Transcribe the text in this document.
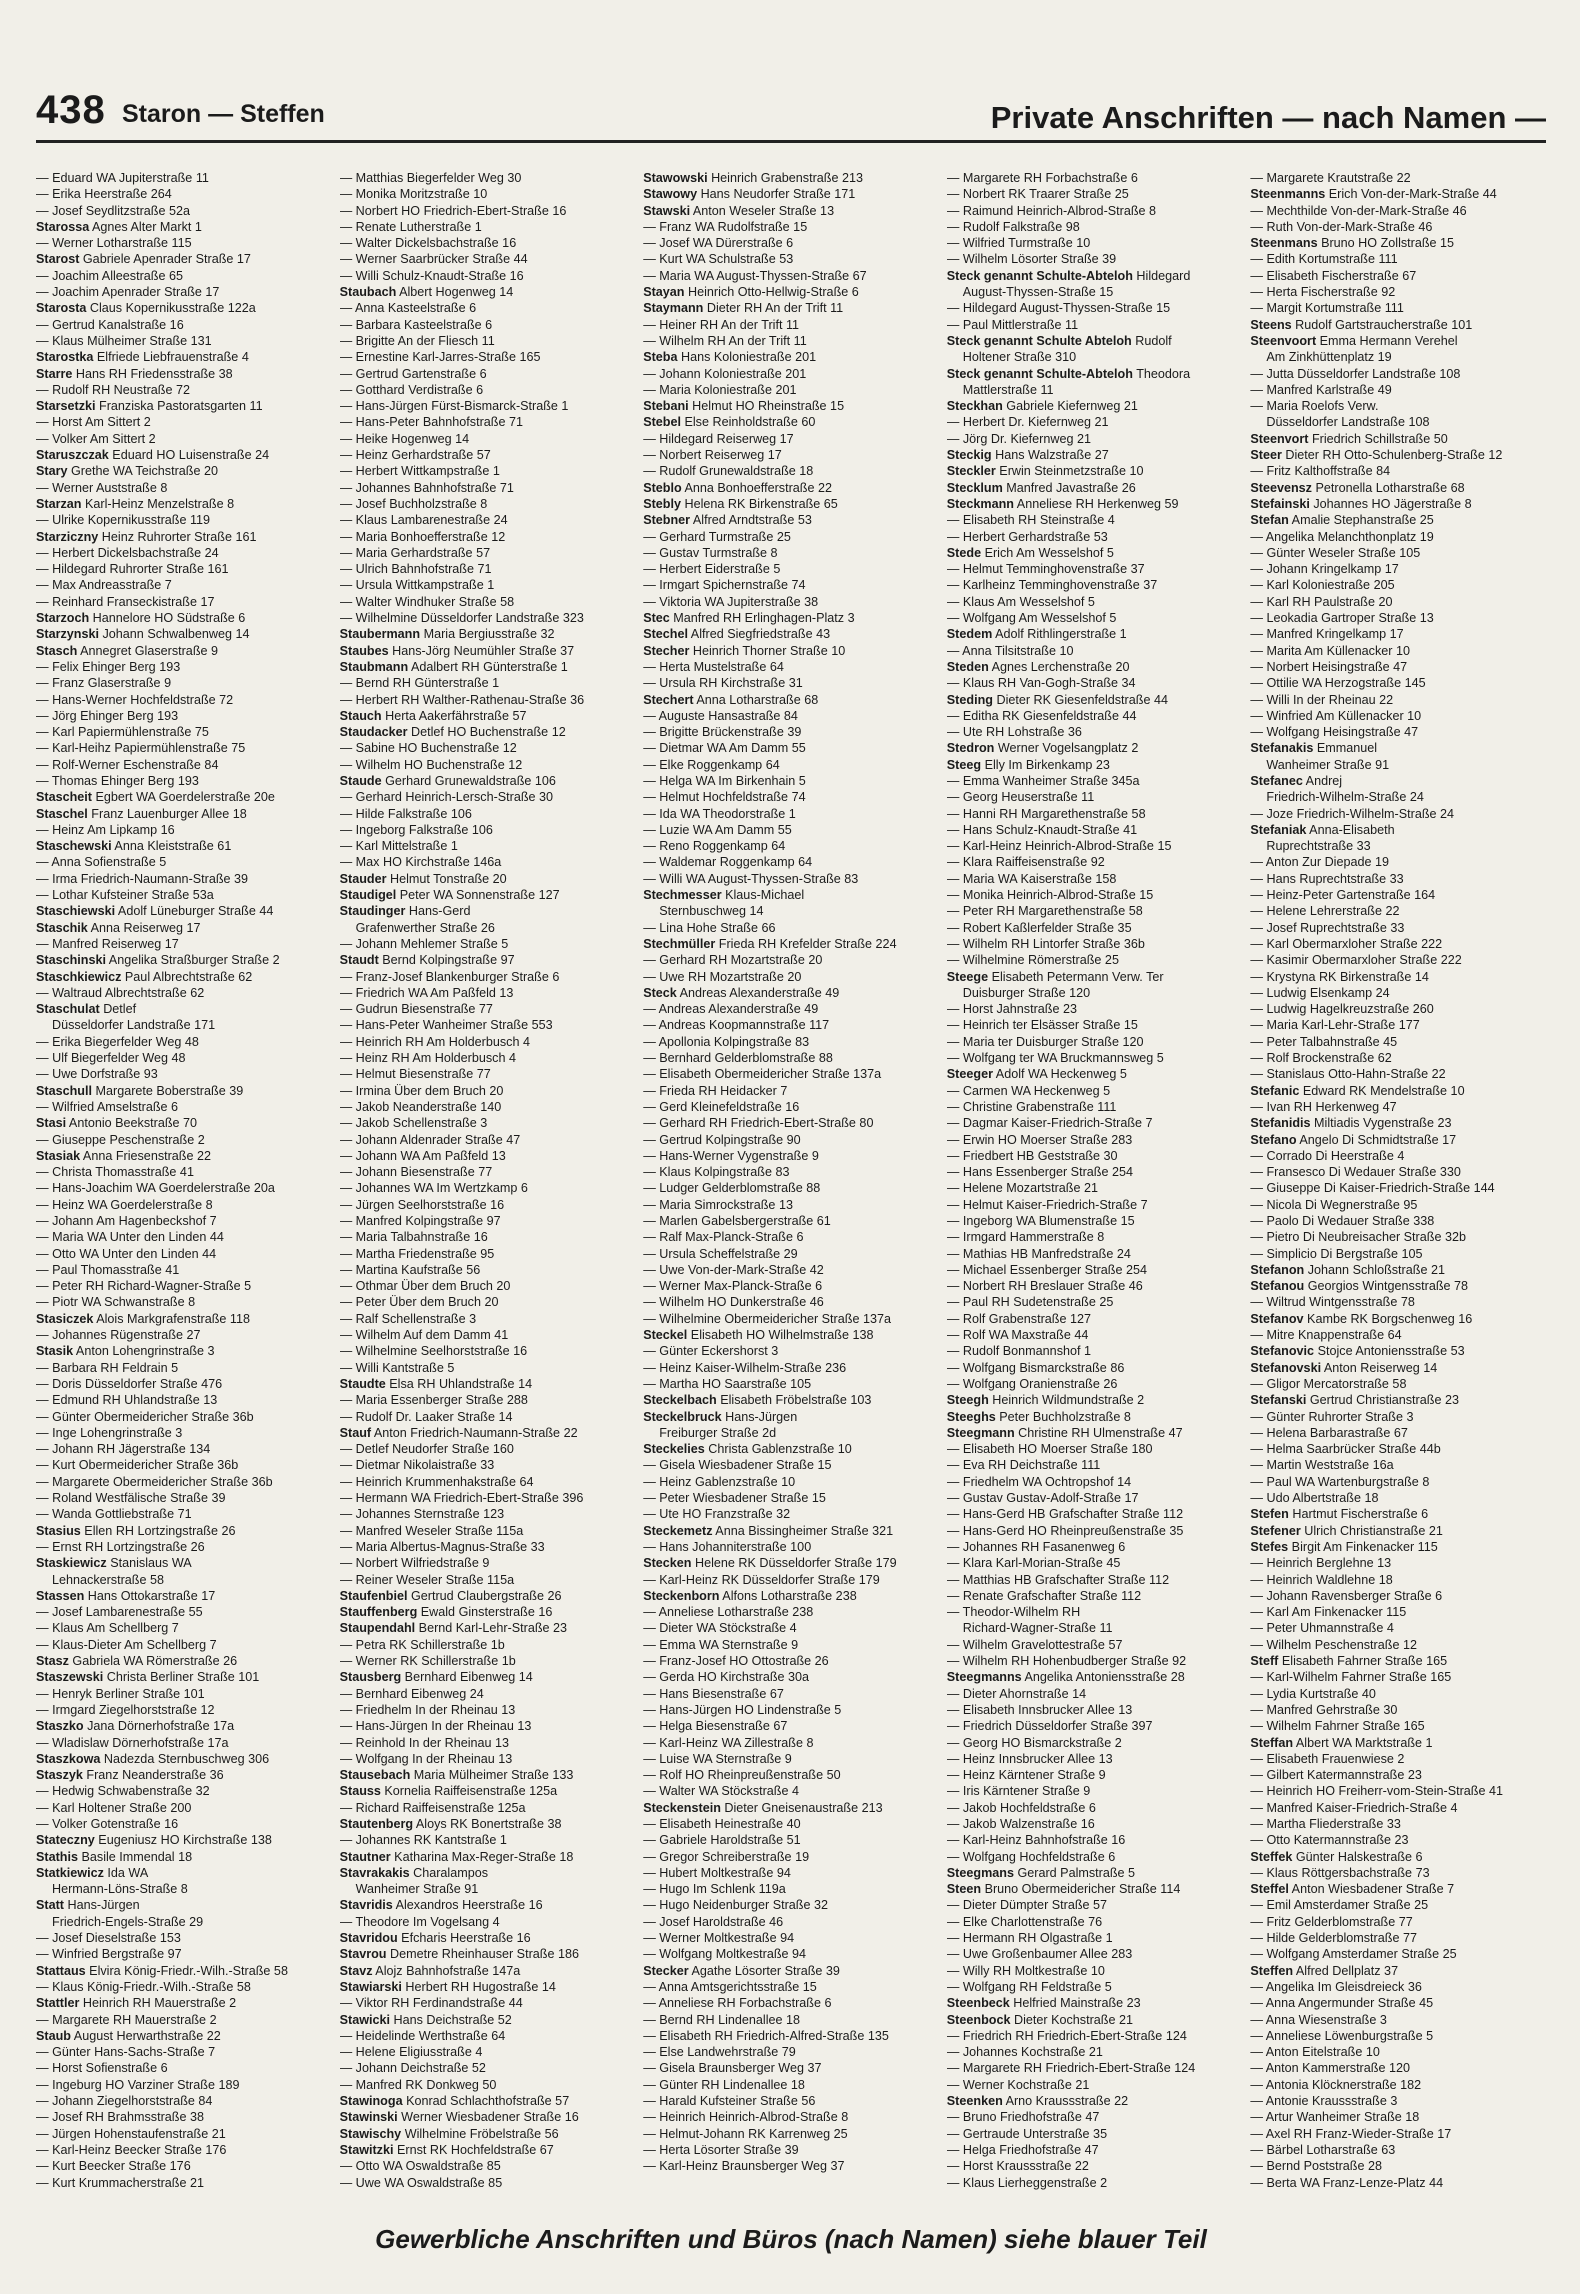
438 Staron — Steffen	Private Anschriften — nach Namen —
— Eduard WA Jupiterstraße 11
— Erika Heerstraße 264
— Josef Seydlitzstraße 52a
Starossa Agnes Alter Markt 1
— Werner Lotharstraße 115
Starost Gabriele Apenrader Straße 17
— Joachim Alleestraße 65
— Joachim Apenrader Straße 17
Starosta Claus Kopernikusstraße 122a
— Gertrud Kanalstraße 16
— Klaus Mülheimer Straße 131
Starostka Elfriede Liebfrauenstraße 4
Starre Hans RH Friedensstraße 38
— Rudolf RH Neustraße 72
Starsetzki Franziska Pastoratsgarten 11
— Horst Am Sittert 2
— Volker Am Sittert 2
Staruszczak Eduard HO Luisenstraße 24
Stary Grethe WA Teichstraße 20
— Werner Auststraße 8
Starzan Karl-Heinz Menzelstraße 8
— Ulrike Kopernikusstraße 119
Starziczny Heinz Ruhrorter Straße 161
— Herbert Dickelsbachstraße 24
— Hildegard Ruhrorter Straße 161
— Max Andreasstraße 7
— Reinhard Franseckistraße 17
Starzoch Hannelore HO Südstraße 6
Starzynski Johann Schwalbenweg 14
Stasch Annegret Glaserstraße 9
— Felix Ehinger Berg 193
— Franz Glaserstraße 9
— Hans-Werner Hochfeldstraße 72
— Jörg Ehinger Berg 193
— Karl Papiermühlenstraße 75
— Karl-Heihz Papiermühlenstraße 75
— Rolf-Werner Eschenstraße 84
— Thomas Ehinger Berg 193
Stascheit Egbert WA Goerdelerstraße 20e
Staschel Franz Lauenburger Allee 18
— Heinz Am Lipkamp 16
Staschewski Anna Kleiststraße 61
— Anna Sofienstraße 5
— Irma Friedrich-Naumann-Straße 39
— Lothar Kufsteiner Straße 53a
Staschiewski Adolf Lüneburger Straße 44
Staschik Anna Reiserweg 17
— Manfred Reiserweg 17
Staschinski Angelika Straßburger Straße 2
Staschkiewicz Paul Albrechtstraße 62
— Waltraud Albrechtstraße 62
Staschulat Detlef
Düsseldorfer Landstraße 171
— Erika Biegerfelder Weg 48
— Ulf Biegerfelder Weg 48
— Uwe Dorfstraße 93
Staschull Margarete Boberstraße 39
— Wilfried Amselstraße 6
Stasi Antonio Beekstraße 70
— Giuseppe Peschenstraße 2
Stasiak Anna Friesenstraße 22
— Christa Thomasstraße 41
— Hans-Joachim WA Goerdelerstraße 20a
— Heinz WA Goerdelerstraße 8
— Johann Am Hagenbeckshof 7
— Maria WA Unter den Linden 44
— Otto WA Unter den Linden 44
— Paul Thomasstraße 41
— Peter RH Richard-Wagner-Straße 5
— Piotr WA Schwanstraße 8
Stasiczek Alois Markgrafenstraße 118
— Johannes Rügenstraße 27
Stasik Anton Lohengrinstraße 3
— Barbara RH Feldrain 5
— Doris Düsseldorfer Straße 476
— Edmund RH Uhlandstraße 13
— Günter Obermeidericher Straße 36b
— Inge Lohengrinstraße 3
— Johann RH Jägerstraße 134
— Kurt Obermeidericher Straße 36b
— Margarete Obermeidericher Straße 36b
— Roland Westfälische Straße 39
— Wanda Gottliebstraße 71
Stasius Ellen RH Lortzingstraße 26
— Ernst RH Lortzingstraße 26
Staskiewicz Stanislaus WA
Lehnackerstraße 58
Stassen Hans Ottokarstraße 17
— Josef Lambarenestraße 55
— Klaus Am Schellberg 7
— Klaus-Dieter Am Schellberg 7
Stasz Gabriela WA Römerstraße 26
Staszewski Christa Berliner Straße 101
— Henryk Berliner Straße 101
— Irmgard Ziegelhorststraße 12
Staszko Jana Dörnerhofstraße 17a
— Wladislaw Dörnerhofstraße 17a
Staszkowa Nadezda Sternbuschweg 306
Staszyk Franz Neanderstraße 36
— Hedwig Schwabenstraße 32
— Karl Holtener Straße 200
— Volker Gotenstraße 16
Stateczny Eugeniusz HO Kirchstraße 138
Stathis Basile Immendal 18
Statkiewicz Ida WA
Hermann-Löns-Straße 8
Statt Hans-Jürgen
Friedrich-Engels-Straße 29
— Josef Dieselstraße 153
— Winfried Bergstraße 97
Stattaus Elvira König-Friedr.-Wilh.-Straße 58
— Klaus König-Friedr.-Wilh.-Straße 58
Stattler Heinrich RH Mauerstraße 2
— Margarete RH Mauerstraße 2
Staub August Herwarthstraße 22
— Günter Hans-Sachs-Straße 7
— Horst Sofienstraße 6
— Ingeburg HO Varziner Straße 189
— Johann Ziegelhorststraße 84
— Josef RH Brahmsstraße 38
— Jürgen Hohenstaufenstraße 21
— Karl-Heinz Beecker Straße 176
— Kurt Beecker Straße 176
— Kurt Krummacherstraße 21
— Matthias Biegerfelder Weg 30
— Monika Moritzstraße 10
— Norbert HO Friedrich-Ebert-Straße 16
— Renate Lutherstraße 1
— Walter Dickelsbachstraße 16
— Werner Saarbrücker Straße 44
— Willi Schulz-Knaudt-Straße 16
Staubach Albert Hogenweg 14
— Anna Kasteelstraße 6
— Barbara Kasteelstraße 6
— Brigitte An der Fliesch 11
— Ernestine Karl-Jarres-Straße 165
— Gertrud Gartenstraße 6
— Gotthard Verdistraße 6
— Hans-Jürgen Fürst-Bismarck-Straße 1
— Hans-Peter Bahnhofstraße 71
— Heike Hogenweg 14
— Heinz Gerhardstraße 57
— Herbert Wittkampstraße 1
— Johannes Bahnhofstraße 71
— Josef Buchholzstraße 8
— Klaus Lambarenestraße 24
— Maria Bonhoefferstraße 12
— Maria Gerhardstraße 57
— Ulrich Bahnhofstraße 71
— Ursula Wittkampstraße 1
— Walter Windhuker Straße 58
— Wilhelmine Düsseldorfer Landstraße 323
Staubermann Maria Bergiusstraße 32
Staubes Hans-Jörg Neumühler Straße 37
Staubmann Adalbert RH Günterstraße 1
— Bernd RH Günterstraße 1
— Herbert RH Walther-Rathenau-Straße 36
Stauch Herta Aakerfährstraße 57
Staudacker Detlef HO Buchenstraße 12
— Sabine HO Buchenstraße 12
— Wilhelm HO Buchenstraße 12
Staude Gerhard Grunewaldstraße 106
— Gerhard Heinrich-Lersch-Straße 30
— Hilde Falkstraße 106
— Ingeborg Falkstraße 106
— Karl Mittelstraße 1
— Max HO Kirchstraße 146a
Stauder Helmut Tonstraße 20
Staudigel Peter WA Sonnenstraße 127
Staudinger Hans-Gerd
Grafenwerther Straße 26
— Johann Mehlemer Straße 5
Staudt Bernd Kolpingstraße 97
— Franz-Josef Blankenburger Straße 6
— Friedrich WA Am Paßfeld 13
— Gudrun Biesenstraße 77
— Hans-Peter Wanheimer Straße 553
— Heinrich RH Am Holderbusch 4
— Heinz RH Am Holderbusch 4
— Helmut Biesenstraße 77
— Irmina Über dem Bruch 20
— Jakob Neanderstraße 140
— Jakob Schellenstraße 3
— Johann Aldenrader Straße 47
— Johann WA Am Paßfeld 13
— Johann Biesenstraße 77
— Johannes WA Im Wertzkamp 6
— Jürgen Seelhorststraße 16
— Manfred Kolpingstraße 97
— Maria Talbahnstraße 16
— Martha Friedenstraße 95
— Martina Kaufstraße 56
— Othmar Über dem Bruch 20
— Peter Über dem Bruch 20
— Ralf Schellenstraße 3
— Wilhelm Auf dem Damm 41
— Wilhelmine Seelhorststraße 16
— Willi Kantstraße 5
Staudte Elsa RH Uhlandstraße 14
— Maria Essenberger Straße 288
— Rudolf Dr. Laaker Straße 14
Stauf Anton Friedrich-Naumann-Straße 22
— Detlef Neudorfer Straße 160
— Dietmar Nikolaistraße 33
— Heinrich Krummenhakstraße 64
— Hermann WA Friedrich-Ebert-Straße 396
— Johannes Sternstraße 123
— Manfred Weseler Straße 115a
— Maria Albertus-Magnus-Straße 33
— Norbert Wilfriedstraße 9
— Reiner Weseler Straße 115a
Staufenbiel Gertrud Claubergstraße 26
Stauffenberg Ewald Ginsterstraße 16
Staupendahl Bernd Karl-Lehr-Straße 23
— Petra RK Schillerstraße 1b
— Werner RK Schillerstraße 1b
Stausberg Bernhard Eibenweg 14
— Bernhard Eibenweg 24
— Friedhelm In der Rheinau 13
— Hans-Jürgen In der Rheinau 13
— Reinhold In der Rheinau 13
— Wolfgang In der Rheinau 13
Stausebach Maria Mülheimer Straße 133
Stauss Kornelia Raiffeisenstraße 125a
— Richard Raiffeisenstraße 125a
Stautenberg Aloys RK Bonertstraße 38
— Johannes RK Kantstraße 1
Stautner Katharina Max-Reger-Straße 18
Stavrakakis Charalampos
Wanheimer Straße 91
Stavridis Alexandros Heerstraße 16
— Theodore Im Vogelsang 4
Stavridou Efcharis Heerstraße 16
Stavrou Demetre Rheinhauser Straße 186
Stavz Alojz Bahnhofstraße 147a
Stawiarski Herbert RH Hugostraße 14
— Viktor RH Ferdinandstraße 44
Stawicki Hans Deichstraße 52
— Heidelinde Werthstraße 64
— Helene Eligiusstraße 4
— Johann Deichstraße 52
— Manfred RK Donkweg 50
Stawinoga Konrad Schlachthofstraße 57
Stawinski Werner Wiesbadener Straße 16
Stawischy Wilhelmine Fröbelstraße 56
Stawitzki Ernst RK Hochfeldstraße 67
— Otto WA Oswaldstraße 85
— Uwe WA Oswaldstraße 85
Stawowski Heinrich Grabenstraße 213
Stawowy Hans Neudorfer Straße 171
Stawski Anton Weseler Straße 13
— Franz WA Rudolfstraße 15
— Josef WA Dürerstraße 6
— Kurt WA Schulstraße 53
— Maria WA August-Thyssen-Straße 67
Stayan Heinrich Otto-Hellwig-Straße 6
Staymann Dieter RH An der Trift 11
— Heiner RH An der Trift 11
— Wilhelm RH An der Trift 11
Steba Hans Koloniestraße 201
— Johann Koloniestraße 201
— Maria Koloniestraße 201
Stebani Helmut HO Rheinstraße 15
Stebel Else Reinholdstraße 60
— Hildegard Reiserweg 17
— Norbert Reiserweg 17
— Rudolf Grunewaldstraße 18
Steblo Anna Bonhoefferstraße 22
Stebly Helena RK Birkenstraße 65
Stebner Alfred Arndtstraße 53
— Gerhard Turmstraße 25
— Gustav Turmstraße 8
— Herbert Eiderstraße 5
— Irmgart Spichernstraße 74
— Viktoria WA Jupiterstraße 38
Stec Manfred RH Erlinghagen-Platz 3
Stechel Alfred Siegfriedstraße 43
Stecher Heinrich Thorner Straße 10
— Herta Mustelstraße 64
— Ursula RH Kirchstraße 31
Stechert Anna Lotharstraße 68
— Auguste Hansastraße 84
— Brigitte Brückenstraße 39
— Dietmar WA Am Damm 55
— Elke Roggenkamp 64
— Helga WA Im Birkenhain 5
— Helmut Hochfeldstraße 74
— Ida WA Theodorstraße 1
— Luzie WA Am Damm 55
— Reno Roggenkamp 64
— Waldemar Roggenkamp 64
— Willi WA August-Thyssen-Straße 83
Stechmesser Klaus-Michael
Sternbuschweg 14
— Lina Hohe Straße 66
Stechmüller Frieda RH Krefelder Straße 224
— Gerhard RH Mozartstraße 20
— Uwe RH Mozartstraße 20
Steck Andreas Alexanderstraße 49
— Andreas Alexanderstraße 49
— Andreas Koopmannstraße 117
— Apollonia Kolpingstraße 83
— Bernhard Gelderblomstraße 88
— Elisabeth Obermeidericher Straße 137a
— Frieda RH Heidacker 7
— Gerd Kleinefeldstraße 16
— Gerhard RH Friedrich-Ebert-Straße 80
— Gertrud Kolpingstraße 90
— Hans-Werner Vygenstraße 9
— Klaus Kolpingstraße 83
— Ludger Gelderblomstraße 88
— Maria Simrockstraße 13
— Marlen Gabelsbergerstraße 61
— Ralf Max-Planck-Straße 6
— Ursula Scheffelstraße 29
— Uwe Von-der-Mark-Straße 42
— Werner Max-Planck-Straße 6
— Wilhelm HO Dunkerstraße 46
— Wilhelmine Obermeidericher Straße 137a
Steckel Elisabeth HO Wilhelmstraße 138
— Günter Eckershorst 3
— Heinz Kaiser-Wilhelm-Straße 236
— Martha HO Saarstraße 105
Steckelbach Elisabeth Fröbelstraße 103
Steckelbruck Hans-Jürgen
Freiburger Straße 2d
Steckelies Christa Gablenzstraße 10
— Gisela Wiesbadener Straße 15
— Heinz Gablenzstraße 10
— Peter Wiesbadener Straße 15
— Ute HO Franzstraße 32
Steckemetz Anna Bissingheimer Straße 321
— Hans Johanniterstraße 100
Stecken Helene RK Düsseldorfer Straße 179
— Karl-Heinz RK Düsseldorfer Straße 179
Steckenborn Alfons Lotharstraße 238
— Anneliese Lotharstraße 238
— Dieter WA Stöckstraße 4
— Emma WA Sternstraße 9
— Franz-Josef HO Ottostraße 26
— Gerda HO Kirchstraße 30a
— Hans Biesenstraße 67
— Hans-Jürgen HO Lindenstraße 5
— Helga Biesenstraße 67
— Karl-Heinz WA Zillestraße 8
— Luise WA Sternstraße 9
— Rolf HO Rheinpreußenstraße 50
— Walter WA Stöckstraße 4
Steckenstein Dieter Gneisenaustraße 213
— Elisabeth Heinestraße 40
— Gabriele Haroldstraße 51
— Gregor Schreiberstraße 19
— Hubert Moltkestraße 94
— Hugo Im Schlenk 119a
— Hugo Neidenburger Straße 32
— Josef Haroldstraße 46
— Werner Moltkestraße 94
— Wolfgang Moltkestraße 94
Stecker Agathe Lösorter Straße 39
— Anna Amtsgerichtsstraße 15
— Anneliese RH Forbachstraße 6
— Bernd RH Lindenallee 18
— Elisabeth RH Friedrich-Alfred-Straße 135
— Else Landwehrstraße 79
— Gisela Braunsberger Weg 37
— Günter RH Lindenallee 18
— Harald Kufsteiner Straße 56
— Heinrich Heinrich-Albrod-Straße 8
— Helmut-Johann RK Karrenweg 25
— Herta Lösorter Straße 39
— Karl-Heinz Braunsberger Weg 37
— Margarete RH Forbachstraße 6
— Norbert RK Traarer Straße 25
— Raimund Heinrich-Albrod-Straße 8
— Rudolf Falkstraße 98
— Wilfried Turmstraße 10
— Wilhelm Lösorter Straße 39
Steck genannt Schulte-Abteloh Hildegard
August-Thyssen-Straße 15
— Hildegard August-Thyssen-Straße 15
— Paul Mittlerstraße 11
Steck genannt Schulte Abteloh Rudolf
Holtener Straße 310
Steck genannt Schulte-Abteloh Theodora
Mattlerstraße 11
Steckhan Gabriele Kiefernweg 21
— Herbert Dr. Kiefernweg 21
— Jörg Dr. Kiefernweg 21
Steckig Hans Walzstraße 27
Steckler Erwin Steinmetzstraße 10
Stecklum Manfred Javastraße 26
Steckmann Anneliese RH Herkenweg 59
— Elisabeth RH Steinstraße 4
— Herbert Gerhardstraße 53
Stede Erich Am Wesselshof 5
— Helmut Temminghovenstraße 37
— Karlheinz Temminghovenstraße 37
— Klaus Am Wesselshof 5
— Wolfgang Am Wesselshof 5
Stedem Adolf Rithlingerstraße 1
— Anna Tilsitstraße 10
Steden Agnes Lerchenstraße 20
— Klaus RH Van-Gogh-Straße 34
Steding Dieter RK Giesenfeldstraße 44
— Editha RK Giesenfeldstraße 44
— Ute RH Lohstraße 36
Stedron Werner Vogelsangplatz 2
Steeg Elly Im Birkenkamp 23
— Emma Wanheimer Straße 345a
— Georg Heuserstraße 11
— Hanni RH Margarethenstraße 58
— Hans Schulz-Knaudt-Straße 41
— Karl-Heinz Heinrich-Albrod-Straße 15
— Klara Raiffeisenstraße 92
— Maria WA Kaiserstraße 158
— Monika Heinrich-Albrod-Straße 15
— Peter RH Margarethenstraße 58
— Robert Kaßlerfelder Straße 35
— Wilhelm RH Lintorfer Straße 36b
— Wilhelmine Römerstraße 25
Steege Elisabeth Petermann Verw. Ter
Duisburger Straße 120
— Horst Jahnstraße 23
— Heinrich ter Elsässer Straße 15
— Maria ter Duisburger Straße 120
— Wolfgang ter WA Bruckmannsweg 5
Steeger Adolf WA Heckenweg 5
— Carmen WA Heckenweg 5
— Christine Grabenstraße 111
— Dagmar Kaiser-Friedrich-Straße 7
— Erwin HO Moerser Straße 283
— Friedbert HB Geststraße 30
— Hans Essenberger Straße 254
— Helene Mozartstraße 21
— Helmut Kaiser-Friedrich-Straße 7
— Ingeborg WA Blumenstraße 15
— Irmgard Hammerstraße 8
— Mathias HB Manfredstraße 24
— Michael Essenberger Straße 254
— Norbert RH Breslauer Straße 46
— Paul RH Sudetenstraße 25
— Rolf Grabenstraße 127
— Rolf WA Maxstraße 44
— Rudolf Bonmannshof 1
— Wolfgang Bismarckstraße 86
— Wolfgang Oranienstraße 26
Steegh Heinrich Wildmundstraße 2
Steeghs Peter Buchholzstraße 8
Steegmann Christine RH Ulmenstraße 47
— Elisabeth HO Moerser Straße 180
— Eva RH Deichstraße 111
— Friedhelm WA Ochtropshof 14
— Gustav Gustav-Adolf-Straße 17
— Hans-Gerd HB Grafschafter Straße 112
— Hans-Gerd HO Rheinpreußenstraße 35
— Johannes RH Fasanenweg 6
— Klara Karl-Morian-Straße 45
— Matthias HB Grafschafter Straße 112
— Renate Grafschafter Straße 112
— Theodor-Wilhelm RH
Richard-Wagner-Straße 11
— Wilhelm Gravelottestraße 57
— Wilhelm RH Hohenbudberger Straße 92
Steegmanns Angelika Antoniensstraße 28
— Dieter Ahornstraße 14
— Elisabeth Innsbrucker Allee 13
— Friedrich Düsseldorfer Straße 397
— Georg HO Bismarckstraße 2
— Heinz Innsbrucker Allee 13
— Heinz Kärntener Straße 9
— Iris Kärntener Straße 9
— Jakob Hochfeldstraße 6
— Jakob Walzenstraße 16
— Karl-Heinz Bahnhofstraße 16
— Wolfgang Hochfeldstraße 6
Steegmans Gerard Palmstraße 5
Steen Bruno Obermeidericher Straße 114
— Dieter Dümpter Straße 57
— Elke Charlottenstraße 76
— Hermann RH Olgastraße 1
— Uwe Großenbaumer Allee 283
— Willy RH Moltkestraße 10
— Wolfgang RH Feldstraße 5
Steenbeck Helfried Mainstraße 23
Steenbock Dieter Kochstraße 21
— Friedrich RH Friedrich-Ebert-Straße 124
— Johannes Kochstraße 21
— Margarete RH Friedrich-Ebert-Straße 124
— Werner Kochstraße 21
Steenken Arno Kraussstraße 22
— Bruno Friedhofstraße 47
— Gertraude Unterstraße 35
— Helga Friedhofstraße 47
— Horst Kraussstraße 22
— Klaus Lierheggenstraße 2
— Margarete Krautstraße 22
Steenmanns Erich Von-der-Mark-Straße 44
— Mechthilde Von-der-Mark-Straße 46
— Ruth Von-der-Mark-Straße 46
Steenmans Bruno HO Zollstraße 15
— Edith Kortumstraße 111
— Elisabeth Fischerstraße 67
— Herta Fischerstraße 92
— Margit Kortumstraße 111
Steens Rudolf Gartstraucherstraße 101
Steenvoort Emma Hermann Verehel
Am Zinkhüttenplatz 19
— Jutta Düsseldorfer Landstraße 108
— Manfred Karlstraße 49
— Maria Roelofs Verw.
Düsseldorfer Landstraße 108
Steenvort Friedrich Schillstraße 50
Steer Dieter RH Otto-Schulenberg-Straße 12
— Fritz Kalthoffstraße 84
Steevensz Petronella Lotharstraße 68
Stefainski Johannes HO Jägerstraße 8
Stefan Amalie Stephanstraße 25
— Angelika Melanchthonplatz 19
— Günter Weseler Straße 105
— Johann Kringelkamp 17
— Karl Koloniestraße 205
— Karl RH Paulstraße 20
— Leokadia Gartroper Straße 13
— Manfred Kringelkamp 17
— Marita Am Küllenacker 10
— Norbert Heisingstraße 47
— Ottilie WA Herzogstraße 145
— Willi In der Rheinau 22
— Winfried Am Küllenacker 10
— Wolfgang Heisingstraße 47
Stefanakis Emmanuel
Wanheimer Straße 91
Stefanec Andrej
Friedrich-Wilhelm-Straße 24
— Joze Friedrich-Wilhelm-Straße 24
Stefaniak Anna-Elisabeth
Ruprechtstraße 33
— Anton Zur Diepade 19
— Hans Ruprechtstraße 33
— Heinz-Peter Gartenstraße 164
— Helene Lehrerstraße 22
— Josef Ruprechtstraße 33
— Karl Obermarxloher Straße 222
— Kasimir Obermarxloher Straße 222
— Krystyna RK Birkenstraße 14
— Ludwig Elsenkamp 24
— Ludwig Hagelkreuzstraße 260
— Maria Karl-Lehr-Straße 177
— Peter Talbahnstraße 45
— Rolf Brockenstraße 62
— Stanislaus Otto-Hahn-Straße 22
Stefanic Edward RK Mendelstraße 10
— Ivan RH Herkenweg 47
Stefanidis Miltiadis Vygenstraße 23
Stefano Angelo Di Schmidtstraße 17
— Corrado Di Heerstraße 4
— Fransesco Di Wedauer Straße 330
— Giuseppe Di Kaiser-Friedrich-Straße 144
— Nicola Di Wegnerstraße 95
— Paolo Di Wedauer Straße 338
— Pietro Di Neubreisacher Straße 32b
— Simplicio Di Bergstraße 105
Stefanon Johann Schloßstraße 21
Stefanou Georgios Wintgensstraße 78
— Wiltrud Wintgensstraße 78
Stefanov Kambe RK Borgschenweg 16
— Mitre Knappenstraße 64
Stefanovic Stojce Antoniensstraße 53
Stefanovski Anton Reiserweg 14
— Gligor Mercatorstraße 58
Stefanski Gertrud Christianstraße 23
— Günter Ruhrorter Straße 3
— Helena Barbarastraße 67
— Helma Saarbrücker Straße 44b
— Martin Weststraße 16a
— Paul WA Wartenburgstraße 8
— Udo Albertstraße 18
Stefen Hartmut Fischerstraße 6
Stefener Ulrich Christianstraße 21
Stefes Birgit Am Finkenacker 115
— Heinrich Berglehne 13
— Heinrich Waldlehne 18
— Johann Ravensberger Straße 6
— Karl Am Finkenacker 115
— Peter Uhmannstraße 4
— Wilhelm Peschenstraße 12
Steff Elisabeth Fahrner Straße 165
— Karl-Wilhelm Fahrner Straße 165
— Lydia Kurtstraße 40
— Manfred Gehrstraße 30
— Wilhelm Fahrner Straße 165
Steffan Albert WA Marktstraße 1
— Elisabeth Frauenwiese 2
— Gilbert Katermannstraße 23
— Heinrich HO Freiherr-vom-Stein-Straße 41
— Manfred Kaiser-Friedrich-Straße 4
— Martha Fliederstraße 33
— Otto Katermannstraße 23
Steffek Günter Halskestraße 6
— Klaus Röttgersbachstraße 73
Steffel Anton Wiesbadener Straße 7
— Emil Amsterdamer Straße 25
— Fritz Gelderblomstraße 77
— Hilde Gelderblomstraße 77
— Wolfgang Amsterdamer Straße 25
Steffen Alfred Dellplatz 37
— Angelika Im Gleisdreieck 36
— Anna Angermunder Straße 45
— Anna Wiesenstraße 3
— Anneliese Löwenburgstraße 5
— Anton Eitelstraße 10
— Anton Kammerstraße 120
— Antonia Klöcknerstraße 182
— Antonie Kraussstraße 3
— Artur Wanheimer Straße 18
— Axel RH Franz-Wieder-Straße 17
— Bärbel Lotharstraße 63
— Bernd Poststraße 28
— Berta WA Franz-Lenze-Platz 44
Gewerbliche Anschriften und Büros (nach Namen) siehe blauer Teil
